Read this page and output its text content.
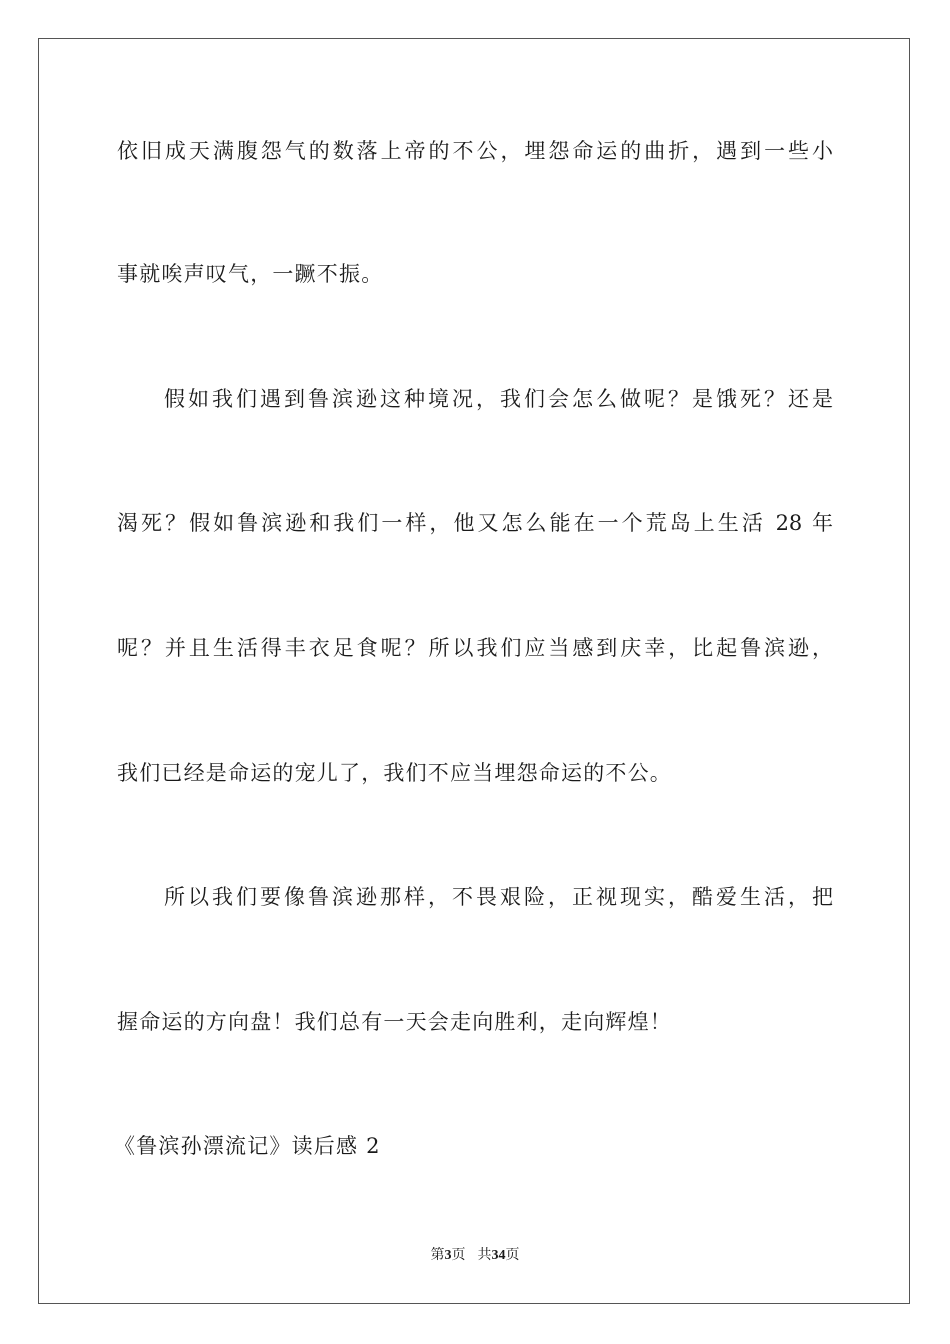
依旧成天满腹怨气的数落上帝的不公，埋怨命运的曲折，遇到一些小
事就唉声叹气，一蹶不振。
假如我们遇到鲁滨逊这种境况，我们会怎么做呢？是饿死？还是
渴死？假如鲁滨逊和我们一样，他又怎么能在一个荒岛上生活 28 年
呢？并且生活得丰衣足食呢？所以我们应当感到庆幸，比起鲁滨逊，
我们已经是命运的宠儿了，我们不应当埋怨命运的不公。
所以我们要像鲁滨逊那样，不畏艰险，正视现实，酷爱生活，把
握命运的方向盘！我们总有一天会走向胜利，走向辉煌！
《鲁滨孙漂流记》读后感 2
第3页 共34页
